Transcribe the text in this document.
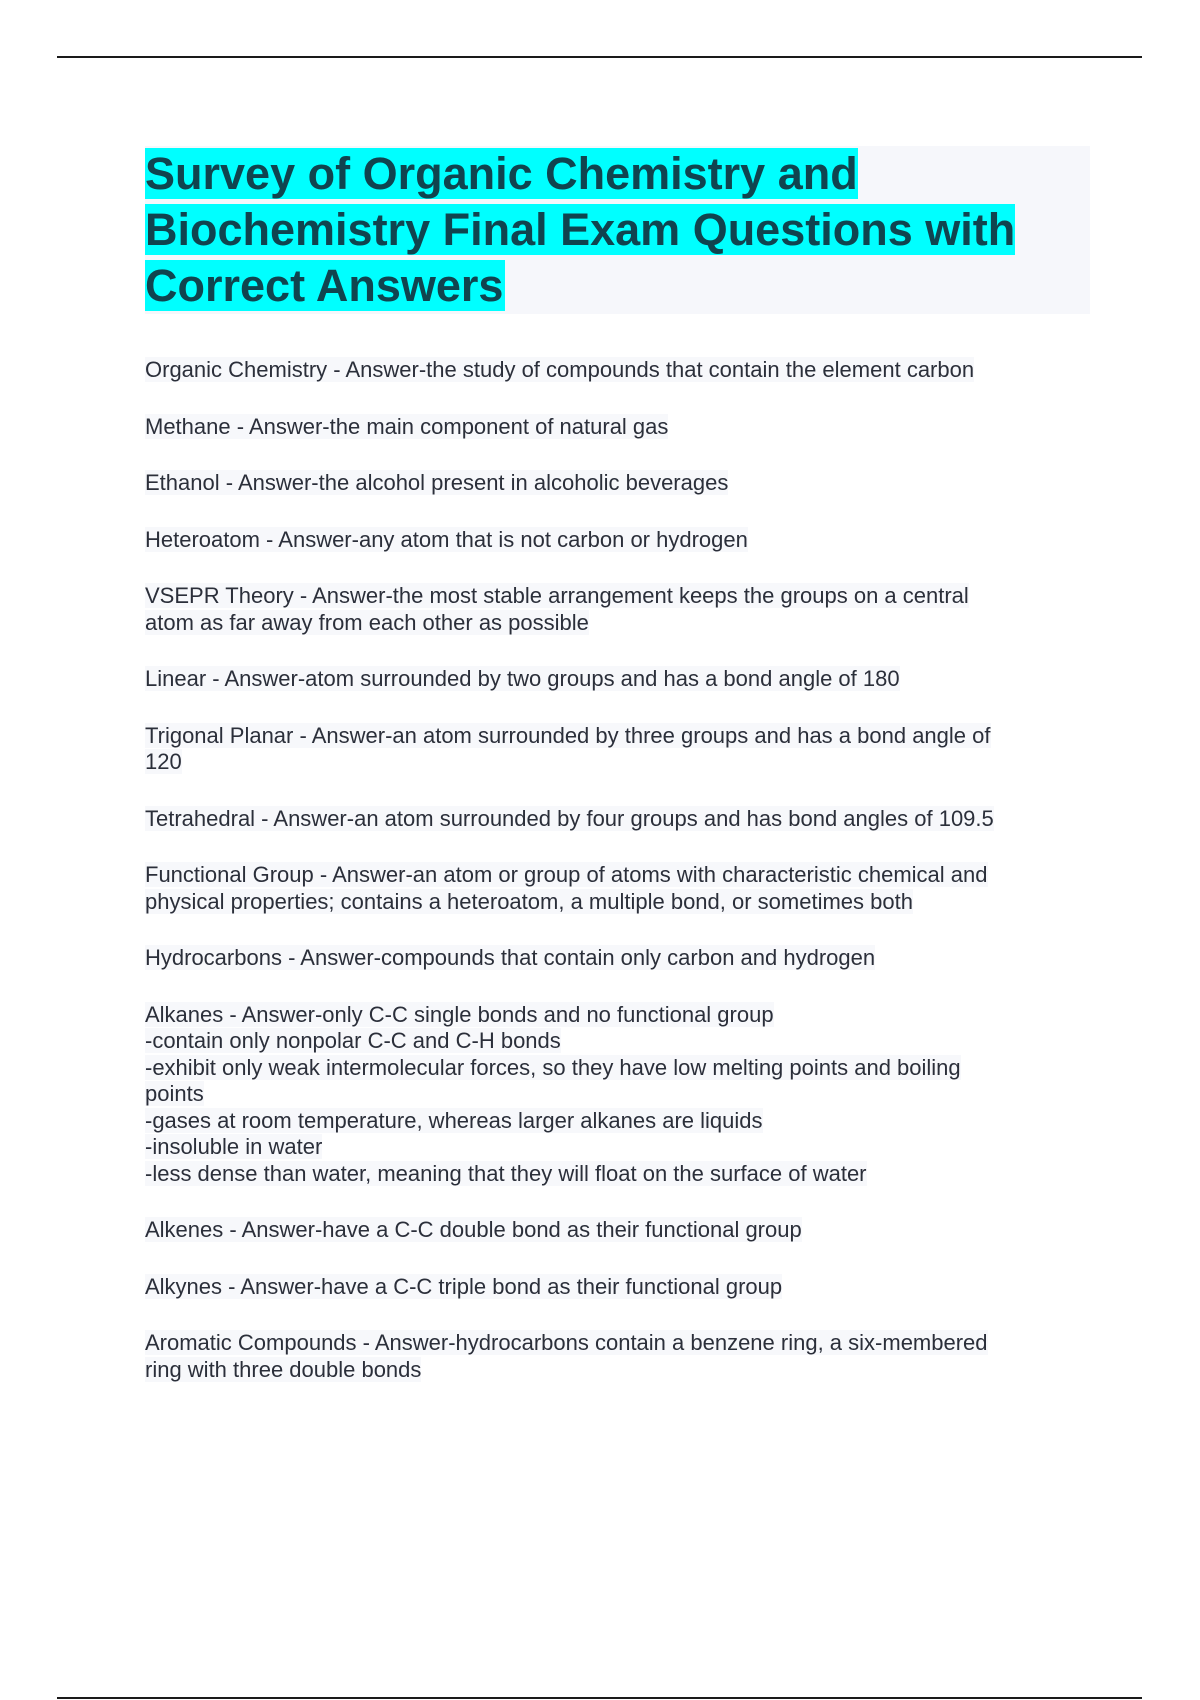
Survey of Organic Chemistry and Biochemistry Final Exam Questions with Correct Answers

Organic Chemistry - Answer-the study of compounds that contain the element carbon

Methane - Answer-the main component of natural gas

Ethanol - Answer-the alcohol present in alcoholic beverages

Heteroatom - Answer-any atom that is not carbon or hydrogen

VSEPR Theory - Answer-the most stable arrangement keeps the groups on a central
atom as far away from each other as possible

Linear - Answer-atom surrounded by two groups and has a bond angle of 180

Trigonal Planar - Answer-an atom surrounded by three groups and has a bond angle of
120

Tetrahedral - Answer-an atom surrounded by four groups and has bond angles of 109.5

Functional Group - Answer-an atom or group of atoms with characteristic chemical and
physical properties; contains a heteroatom, a multiple bond, or sometimes both

Hydrocarbons - Answer-compounds that contain only carbon and hydrogen

Alkanes - Answer-only C-C single bonds and no functional group
-contain only nonpolar C-C and C-H bonds
-exhibit only weak intermolecular forces, so they have low melting points and boiling
points
-gases at room temperature, whereas larger alkanes are liquids
-insoluble in water
-less dense than water, meaning that they will float on the surface of water

Alkenes - Answer-have a C-C double bond as their functional group

Alkynes - Answer-have a C-C triple bond as their functional group

Aromatic Compounds - Answer-hydrocarbons contain a benzene ring, a six-membered
ring with three double bonds
